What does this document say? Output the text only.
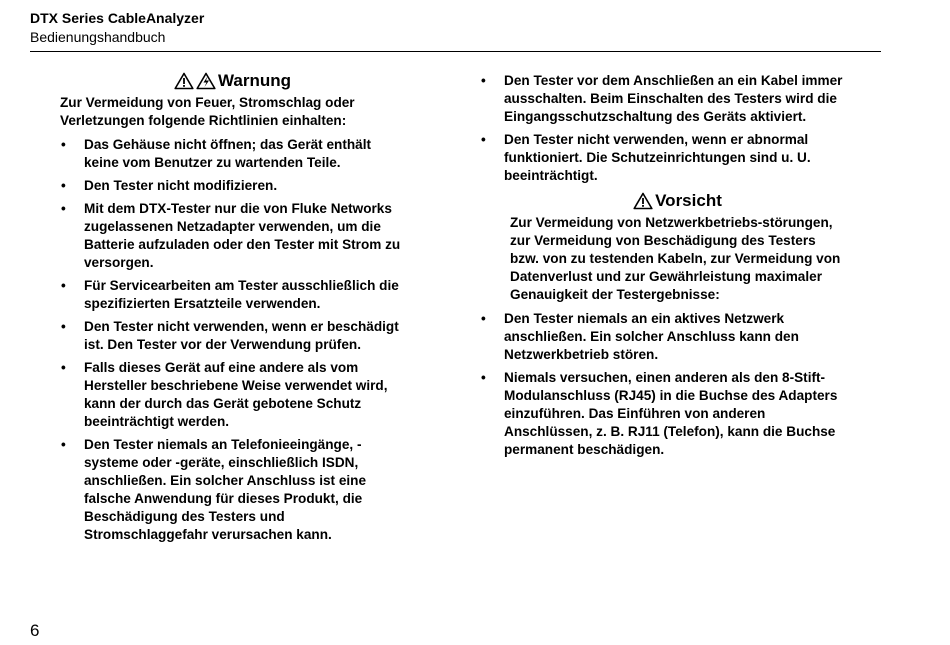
DTX Series CableAnalyzer
Bedienungshandbuch
Warnung

Zur Vermeidung von Feuer, Stromschlag oder Verletzungen folgende Richtlinien einhalten:

• Das Gehäuse nicht öffnen; das Gerät enthält keine vom Benutzer zu wartenden Teile.
• Den Tester nicht modifizieren.
• Mit dem DTX-Tester nur die von Fluke Networks zugelassenen Netzadapter verwenden, um die Batterie aufzuladen oder den Tester mit Strom zu versorgen.
• Für Servicearbeiten am Tester ausschließlich die spezifizierten Ersatzteile verwenden.
• Den Tester nicht verwenden, wenn er beschädigt ist. Den Tester vor der Verwendung prüfen.
• Falls dieses Gerät auf eine andere als vom Hersteller beschriebene Weise verwendet wird, kann der durch das Gerät gebotene Schutz beeinträchtigt werden.
• Den Tester niemals an Telefonieeingänge, -systeme oder -geräte, einschließlich ISDN, anschließen. Ein solcher Anschluss ist eine falsche Anwendung für dieses Produkt, die Beschädigung des Testers und Stromschlaggefahr verursachen kann.
• Den Tester vor dem Anschließen an ein Kabel immer ausschalten. Beim Einschalten des Testers wird die Eingangsschutzschaltung des Geräts aktiviert.
• Den Tester nicht verwenden, wenn er abnormal funktioniert. Die Schutzeinrichtungen sind u. U. beeinträchtigt.
Vorsicht

Zur Vermeidung von Netzwerkbetriebs-störungen, zur Vermeidung von Beschädigung des Testers bzw. von zu testenden Kabeln, zur Vermeidung von Datenverlust und zur Gewährleistung maximaler Genauigkeit der Testergebnisse:

• Den Tester niemals an ein aktives Netzwerk anschließen. Ein solcher Anschluss kann den Netzwerkbetrieb stören.
• Niemals versuchen, einen anderen als den 8-Stift-Modulanschluss (RJ45) in die Buchse des Adapters einzuführen. Das Einführen von anderen Anschlüssen, z. B. RJ11 (Telefon), kann die Buchse permanent beschädigen.
6
